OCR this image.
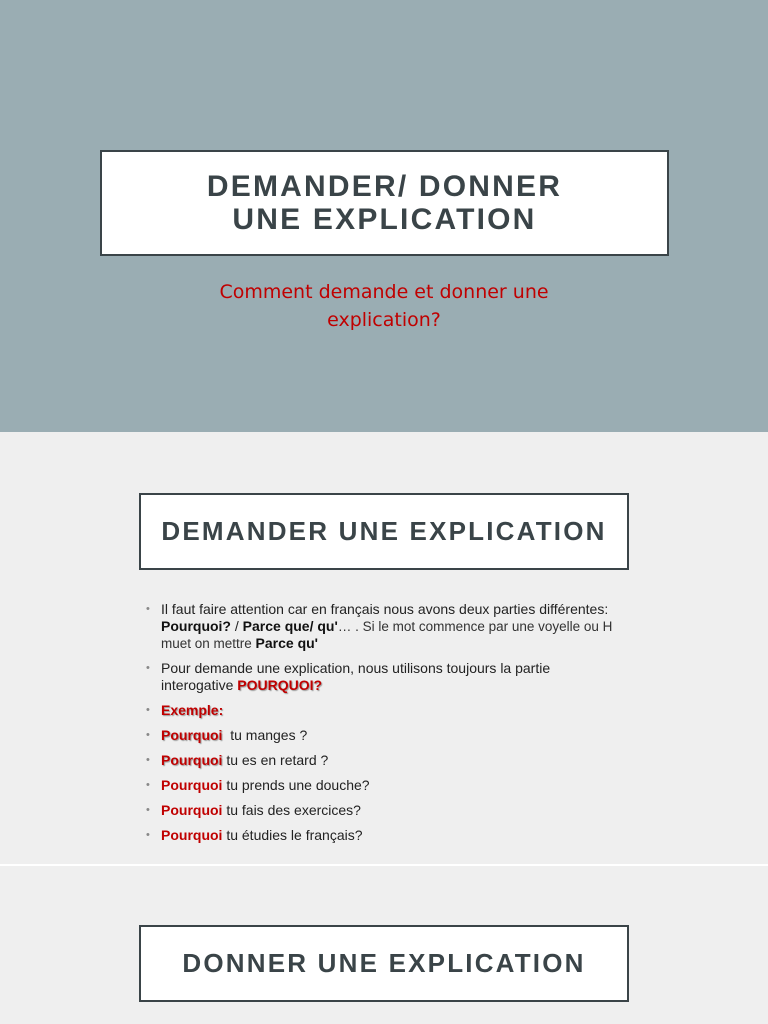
DEMANDER/ DONNER
UNE EXPLICATION
Comment demande et donner une
explication?
DEMANDER UNE EXPLICATION
• Il faut faire attention car en français nous avons deux parties différentes: Pourquoi? / Parce que/ qu'… . Si le mot commence par une voyelle ou H muet on mettre Parce qu'
• Pour demande une explication, nous utilisons toujours la partie interogative POURQUOI?
• Exemple:
• Pourquoi  tu manges ?
• Pourquoi tu es en retard ?
• Pourquoi tu prends une douche?
• Pourquoi tu fais des exercices?
• Pourquoi tu étudies le français?
DONNER UNE EXPLICATION
